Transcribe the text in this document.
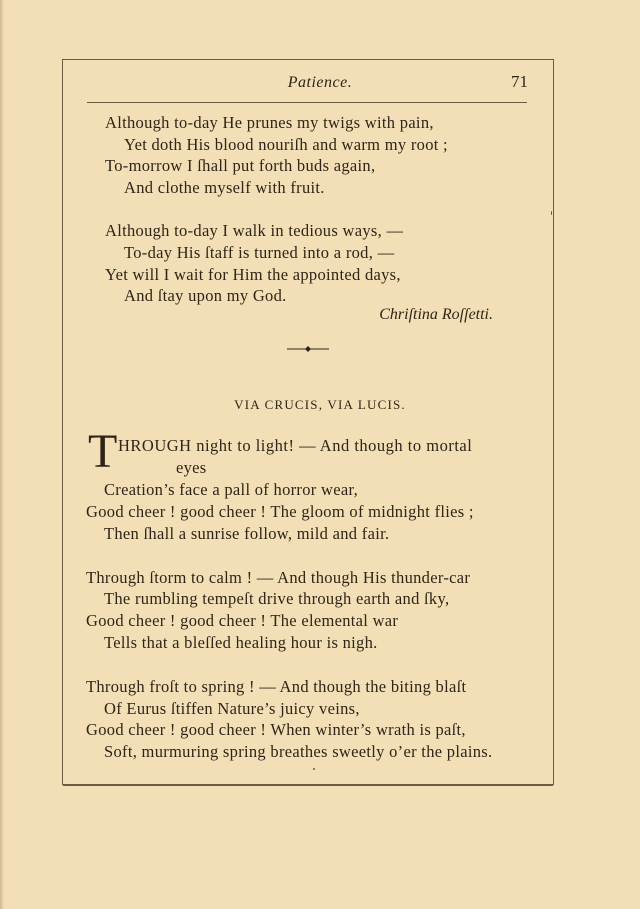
Patience.	71
Although to-day He prunes my twigs with pain,
Yet doth His blood nouriſh and warm my root ;
To-morrow I ſhall put forth buds again,
And clothe myself with fruit.
Although to-day I walk in tedious ways, —
To-day His ſtaff is turned into a rod, —
Yet will I wait for Him the appointed days,
And ſtay upon my God.
Chriſtina Roſſetti.
VIA CRUCIS, VIA LUCIS.
T HROUGH night to light! — And though to mortal
eyes
Creation’s face a pall of horror wear,
Good cheer ! good cheer ! The gloom of midnight flies ;
Then ſhall a sunrise follow, mild and fair.
Through ſtorm to calm ! — And though His thunder-car
The rumbling tempeſt drive through earth and ſky,
Good cheer ! good cheer ! The elemental war
Tells that a bleſſed healing hour is nigh.
Through froſt to spring ! — And though the biting blaſt
Of Eurus ſtiffen Nature’s juicy veins,
Good cheer ! good cheer ! When winter’s wrath is paſt,
Soft, murmuring spring breathes sweetly o’er the plains.
